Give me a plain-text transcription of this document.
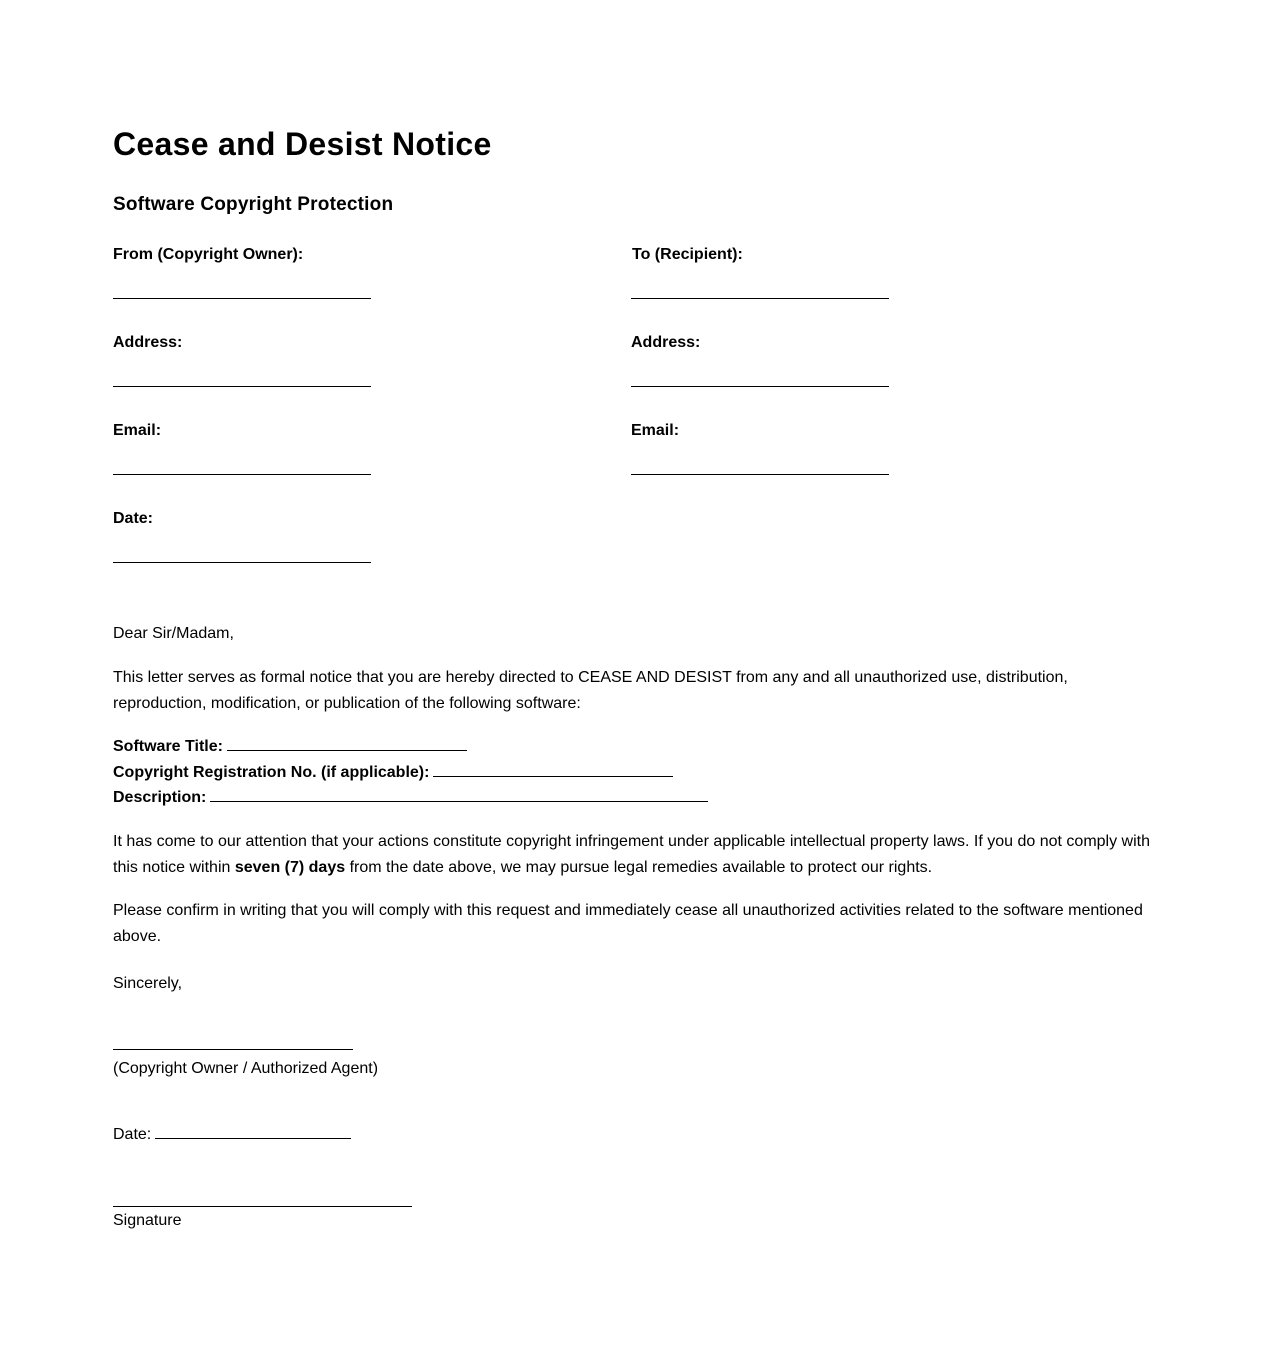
Cease and Desist Notice
Software Copyright Protection
From (Copyright Owner):
Address:
Email:
Date:
To (Recipient):
Address:
Email:
Dear Sir/Madam,
This letter serves as formal notice that you are hereby directed to CEASE AND DESIST from any and all unauthorized use, distribution, reproduction, modification, or publication of the following software:
Software Title:
Copyright Registration No. (if applicable):
Description:
It has come to our attention that your actions constitute copyright infringement under applicable intellectual property laws. If you do not comply with this notice within seven (7) days from the date above, we may pursue legal remedies available to protect our rights.
Please confirm in writing that you will comply with this request and immediately cease all unauthorized activities related to the software mentioned above.
Sincerely,
(Copyright Owner / Authorized Agent)
Date:
Signature
